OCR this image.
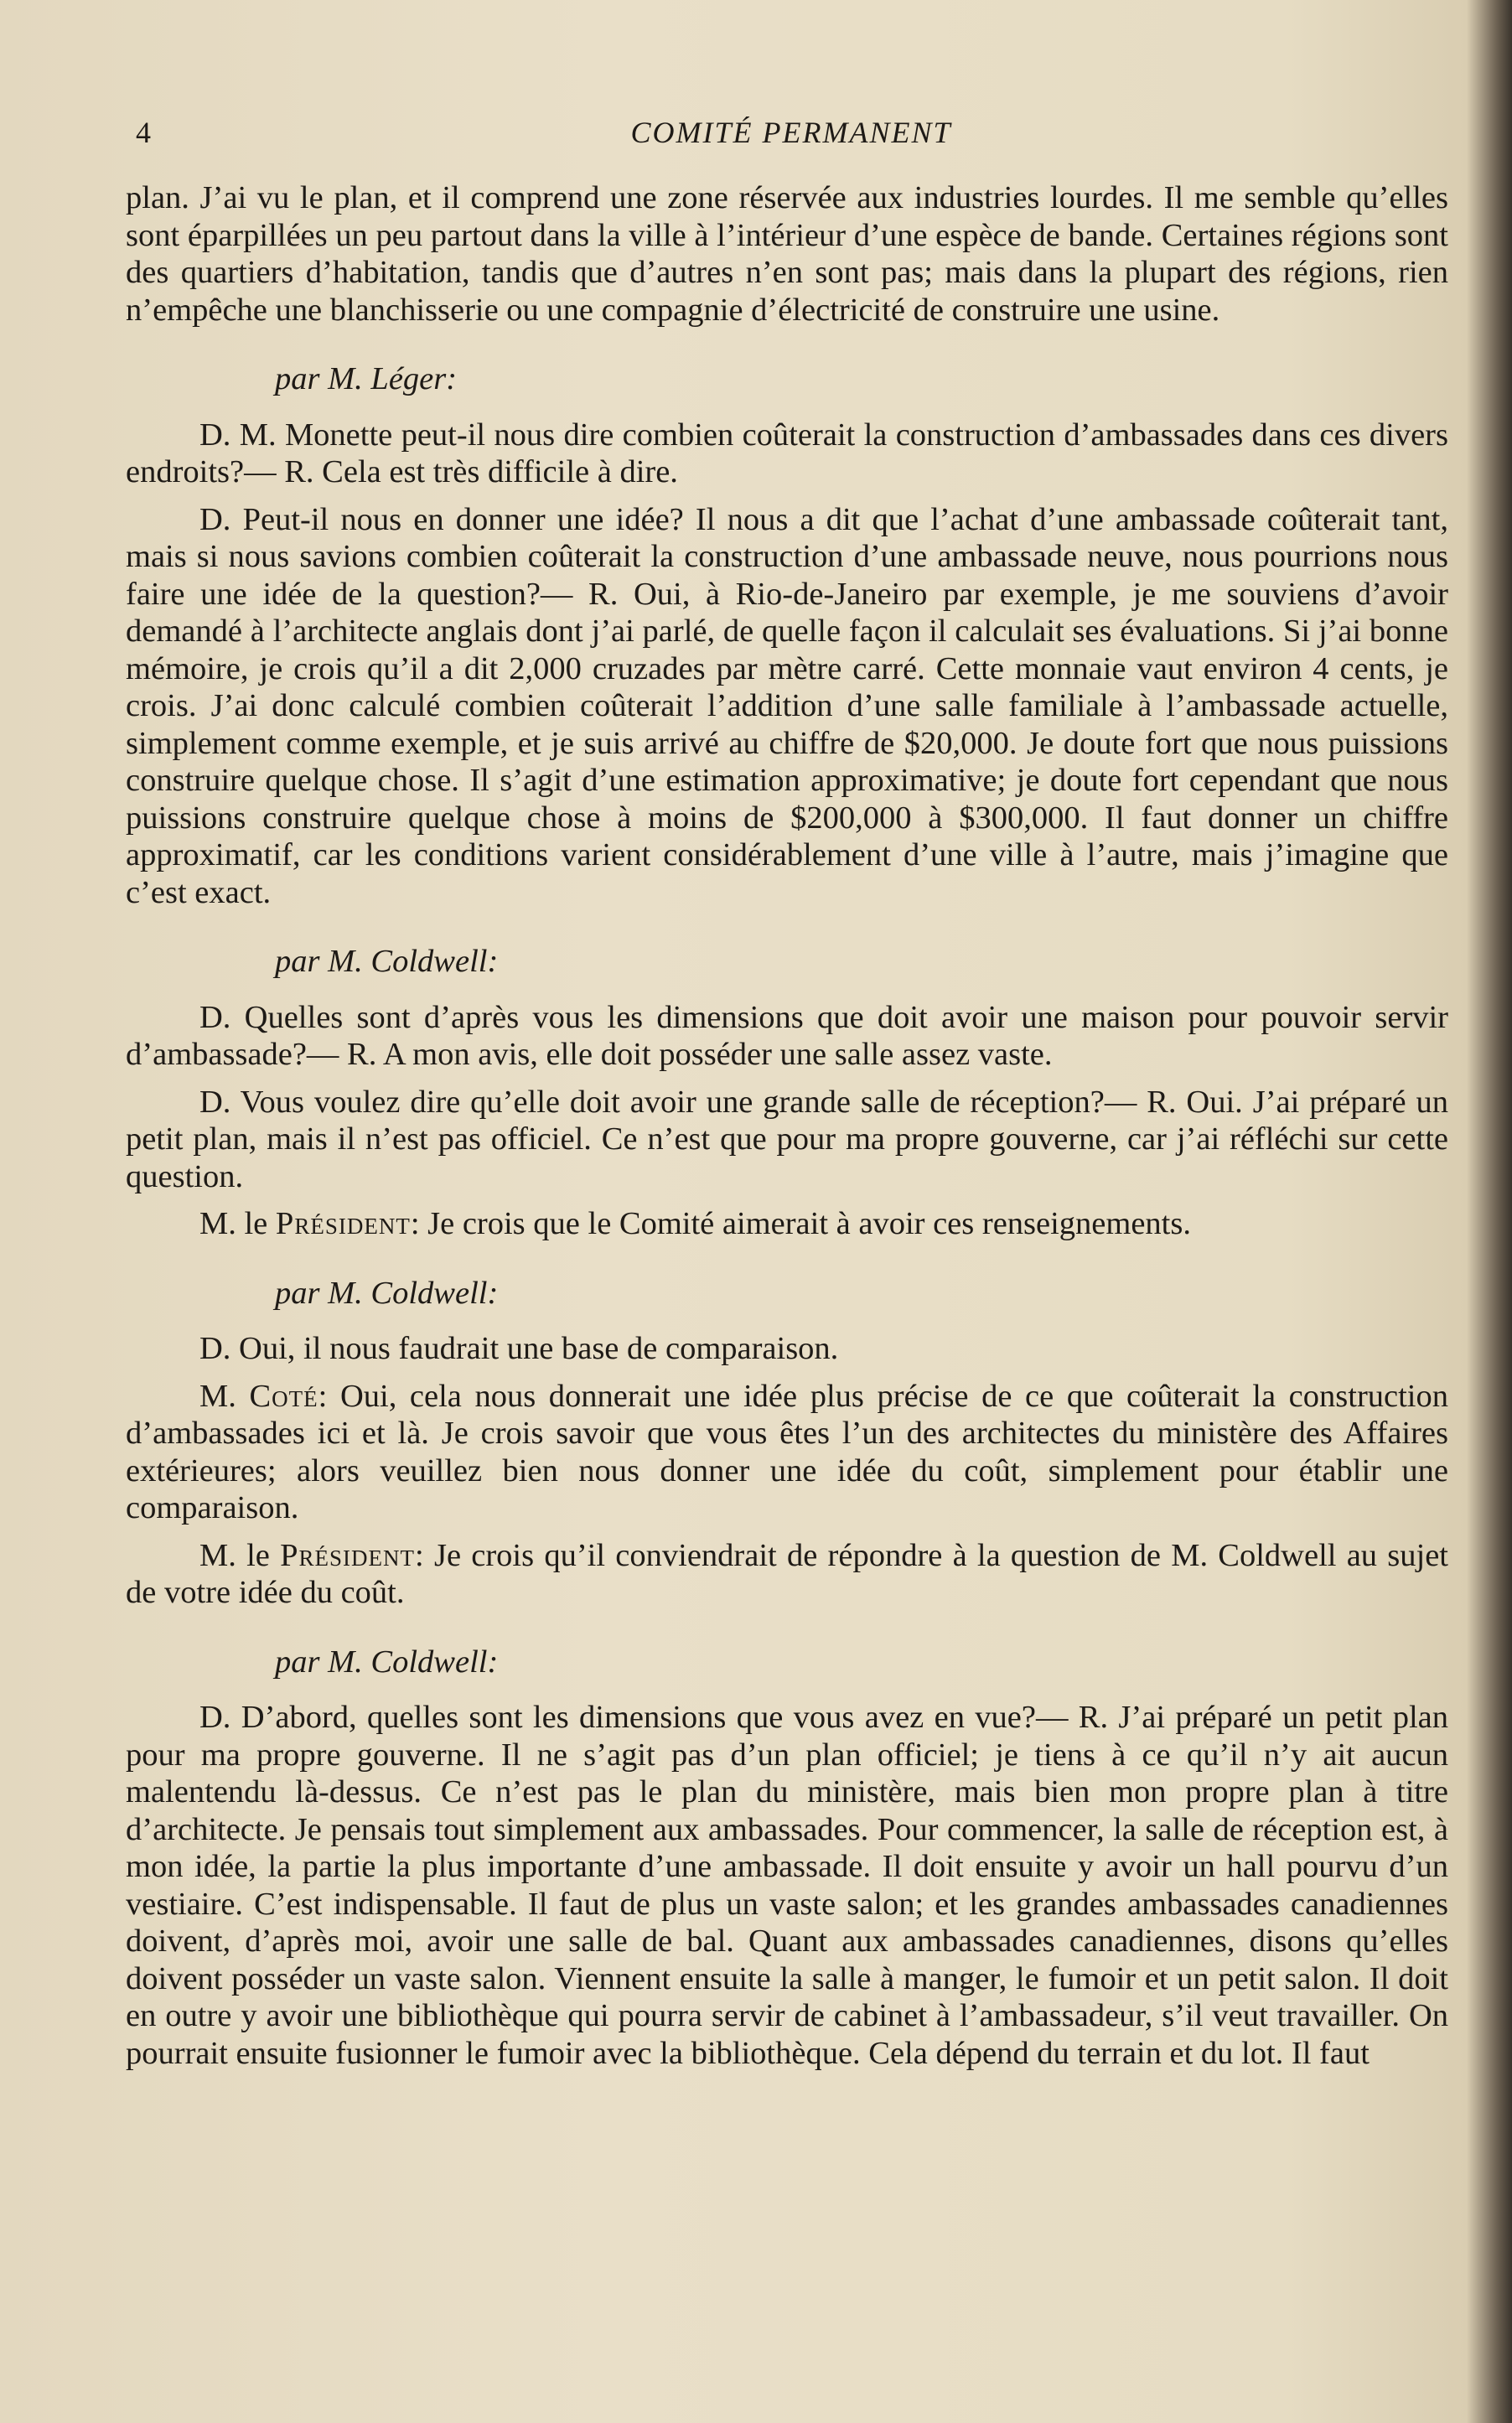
4	COMITÉ PERMANENT

plan. J’ai vu le plan, et il comprend une zone réservée aux industries lourdes. Il me semble qu’elles sont éparpillées un peu partout dans la ville à l’intérieur d’une espèce de bande. Certaines régions sont des quartiers d’habitation, tandis que d’autres n’en sont pas; mais dans la plupart des régions, rien n’empêche une blanchisserie ou une compagnie d’électricité de construire une usine.

par M. Léger:

D. M. Monette peut-il nous dire combien coûterait la construction d’ambassades dans ces divers endroits?— R. Cela est très difficile à dire.

D. Peut-il nous en donner une idée? Il nous a dit que l’achat d’une ambassade coûterait tant, mais si nous savions combien coûterait la construction d’une ambassade neuve, nous pourrions nous faire une idée de la question?— R. Oui, à Rio-de-Janeiro par exemple, je me souviens d’avoir demandé à l’architecte anglais dont j’ai parlé, de quelle façon il calculait ses évaluations. Si j’ai bonne mémoire, je crois qu’il a dit 2,000 cruzades par mètre carré. Cette monnaie vaut environ 4 cents, je crois. J’ai donc calculé combien coûterait l’addition d’une salle familiale à l’ambassade actuelle, simplement comme exemple, et je suis arrivé au chiffre de $20,000. Je doute fort que nous puissions construire quelque chose. Il s’agit d’une estimation approximative; je doute fort cependant que nous puissions construire quelque chose à moins de $200,000 à $300,000. Il faut donner un chiffre approximatif, car les conditions varient considérablement d’une ville à l’autre, mais j’imagine que c’est exact.

par M. Coldwell:

D. Quelles sont d’après vous les dimensions que doit avoir une maison pour pouvoir servir d’ambassade?— R. A mon avis, elle doit posséder une salle assez vaste.

D. Vous voulez dire qu’elle doit avoir une grande salle de réception?— R. Oui. J’ai préparé un petit plan, mais il n’est pas officiel. Ce n’est que pour ma propre gouverne, car j’ai réfléchi sur cette question.

M. le Président: Je crois que le Comité aimerait à avoir ces renseignements.

par M. Coldwell:

D. Oui, il nous faudrait une base de comparaison.

M. Coté: Oui, cela nous donnerait une idée plus précise de ce que coûterait la construction d’ambassades ici et là. Je crois savoir que vous êtes l’un des architectes du ministère des Affaires extérieures; alors veuillez bien nous donner une idée du coût, simplement pour établir une comparaison.

M. le Président: Je crois qu’il conviendrait de répondre à la question de M. Coldwell au sujet de votre idée du coût.

par M. Coldwell:

D. D’abord, quelles sont les dimensions que vous avez en vue?— R. J’ai préparé un petit plan pour ma propre gouverne. Il ne s’agit pas d’un plan officiel; je tiens à ce qu’il n’y ait aucun malentendu là-dessus. Ce n’est pas le plan du ministère, mais bien mon propre plan à titre d’architecte. Je pensais tout simplement aux ambassades. Pour commencer, la salle de réception est, à mon idée, la partie la plus importante d’une ambassade. Il doit ensuite y avoir un hall pourvu d’un vestiaire. C’est indispensable. Il faut de plus un vaste salon; et les grandes ambassades canadiennes doivent, d’après moi, avoir une salle de bal. Quant aux ambassades canadiennes, disons qu’elles doivent posséder un vaste salon. Viennent ensuite la salle à manger, le fumoir et un petit salon. Il doit en outre y avoir une bibliothèque qui pourra servir de cabinet à l’ambassadeur, s’il veut travailler. On pourrait ensuite fusionner le fumoir avec la bibliothèque. Cela dépend du terrain et du lot. Il faut
